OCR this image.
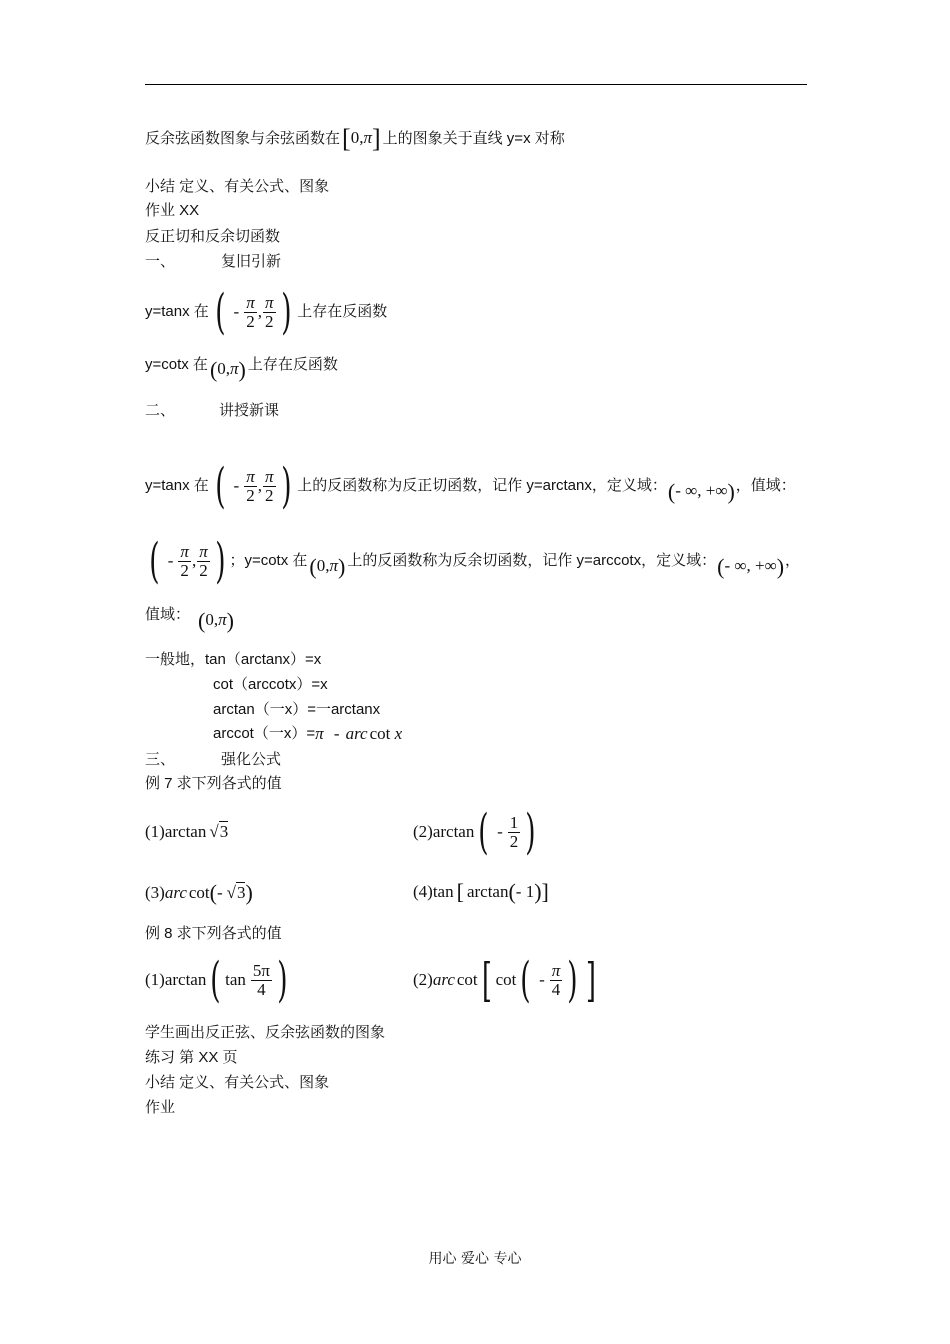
反余弦函数图象与余弦函数在 [0,π] 上的图象关于直线 y=x 对称
小结 定义、有关公式、图象
作业 XX
反正切和反余切函数
一、	复旧引新
y=tanx 在 ( - $\frac{\pi}{2}$ , $\frac{\pi}{2}$ ) 上存在反函数
y=cotx 在 (0,π) 上存在反函数
二、	讲授新课
y=tanx 在 ( - $\frac{\pi}{2}$ , $\frac{\pi}{2}$ ) 上的反函数称为反正切函数，记作 y=arctanx，定义域： (- ∞, +∞) ，值域：
( - $\frac{\pi}{2}$ , $\frac{\pi}{2}$ ) ；y=cotx 在 (0,π) 上的反函数称为反余切函数，记作 y=arccotx，定义域： (- ∞, +∞) ，
值域： (0,π)
一般地，tan（arctanx）=x
cot（arccotx）=x
arctan（一x）=一arctanx
arccot（一x）= π - arc cot x
三、	强化公式
例 7 求下列各式的值
(1) arctan √ 3	(2) arctan ( - $\frac{1}{2}$ )
(3) arc cot ( - √ 3 )	(4) tan [ arctan ( - 1 ) ]
例 8 求下列各式的值
(1) arctan ( $\tan \frac{5\pi}{4}$ )	(2) arc cot [ cot ( - $\frac{\pi}{4}$ ) ]
学生画出反正弦、反余弦函数的图象
练习 第 XX 页
小结 定义、有关公式、图象
作业
用心 爱心 专心
